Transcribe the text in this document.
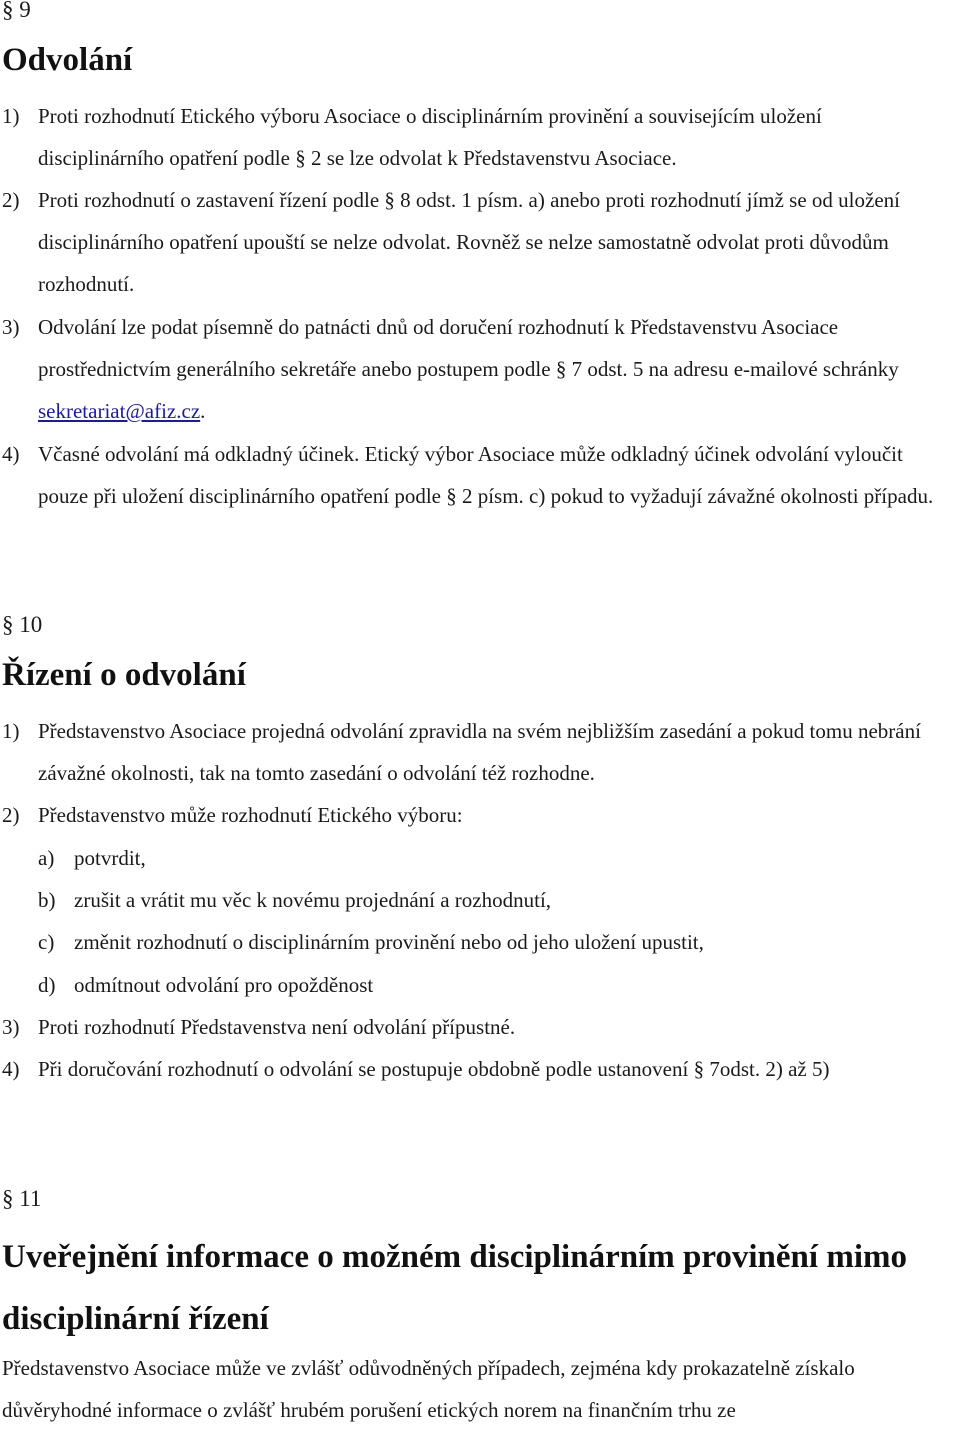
§ 9
Odvolání
1) Proti rozhodnutí Etického výboru Asociace o disciplinárním provinění a souvisejícím uložení disciplinárního opatření podle § 2 se lze odvolat k Představenstvu Asociace.
2) Proti rozhodnutí o zastavení řízení podle § 8 odst. 1 písm. a) anebo proti rozhodnutí jímž se od uložení disciplinárního opatření upouští se nelze odvolat. Rovněž se nelze samostatně odvolat proti důvodům rozhodnutí.
3) Odvolání lze podat písemně do patnácti dnů od doručení rozhodnutí k Představenstvu Asociace prostřednictvím generálního sekretáře anebo postupem podle § 7 odst. 5 na adresu e-mailové schránky sekretariat@afiz.cz.
4) Včasné odvolání má odkladný účinek. Etický výbor Asociace může odkladný účinek odvolání vyloučit pouze při uložení disciplinárního opatření podle § 2 písm. c) pokud to vyžadují závažné okolnosti případu.
§ 10
Řízení o odvolání
1) Představenstvo Asociace projedná odvolání zpravidla na svém nejbližším zasedání a pokud tomu nebrání závažné okolnosti, tak na tomto zasedání o odvolání též rozhodne.
2) Představenstvo může rozhodnutí Etického výboru:
a) potvrdit,
b) zrušit a vrátit mu věc k novému projednání a rozhodnutí,
c) změnit rozhodnutí o disciplinárním provinění nebo od jeho uložení upustit,
d) odmítnout odvolání pro opožděnost
3) Proti rozhodnutí Představenstva není odvolání přípustné.
4) Při doručování rozhodnutí o odvolání se postupuje obdobně podle ustanovení § 7odst. 2) až 5)
§ 11
Uveřejnění informace o možném disciplinárním provinění mimo disciplinární řízení
Představenstvo Asociace může ve zvlášť odůvodněných případech, zejména kdy prokazatelně získalo důvěryhodné informace o zvlášť hrubém porušení etických norem na finančním trhu ze
